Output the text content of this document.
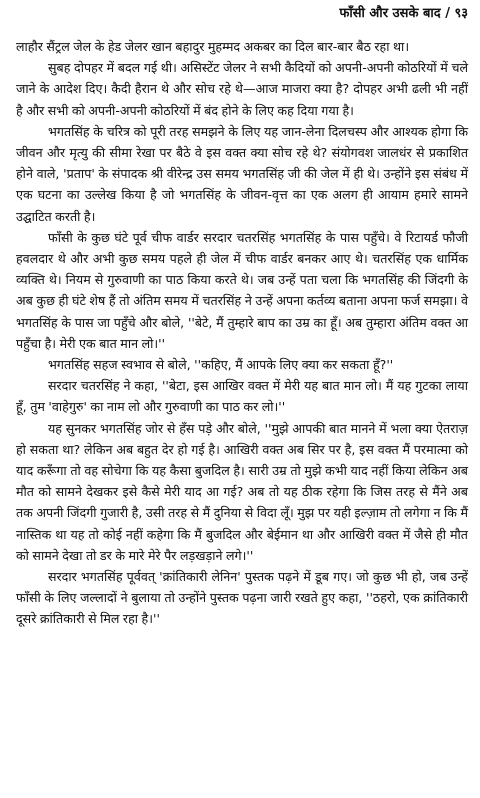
फाँसी और उसके बाद / ९३

लाहौर सैंट्रल जेल के हेड जेलर खान बहादुर मुहम्मद अकबर का दिल बार-बार बैठ रहा था।

सुबह दोपहर में बदल गई थी। असिस्टेंट जेलर ने सभी कैदियों को अपनी-अपनी कोठरियों में चले जाने के आदेश दिए। कैदी हैरान थे और सोच रहे थे—आज माजरा क्या है? दोपहर अभी ढली भी नहीं है और सभी को अपनी-अपनी कोठरियों में बंद होने के लिए कह दिया गया है।

भगतसिंह के चरित्र को पूरी तरह समझने के लिए यह जान-लेना दिलचस्प और आश्यक होगा कि जीवन और मृत्यु की सीमा रेखा पर बैठे वे इस वक्त क्या सोच रहे थे? संयोगवश जालधंर से प्रकाशित होने वाले, 'प्रताप' के संपादक श्री वीरेन्द्र उस समय भगतसिंह जी की जेल में ही थे। उन्होंने इस संबंध में एक घटना का उल्लेख किया है जो भगतसिंह के जीवन-वृत्त का एक अलग ही आयाम हमारे सामने उद्घाटित करती है।

फाँसी के कुछ घंटे पूर्व चीफ वार्डर सरदार चतरसिंह भगतसिंह के पास पहुँचे। वे रिटायर्ड फौजी हवलदार थे और अभी कुछ समय पहले ही जेल में चीफ वार्डर बनकर आए थे। चतरसिंह एक धार्मिक व्यक्ति थे। नियम से गुरुवाणी का पाठ किया करते थे। जब उन्हें पता चला कि भगतसिंह की जिंदगी के अब कुछ ही घंटे शेष हैं तो अंतिम समय में चतरसिंह ने उन्हें अपना कर्तव्य बताना अपना फर्ज समझा। वे भगतसिंह के पास जा पहुँचे और बोले, ''बेटे, मैं तुम्हारे बाप का उम्र का हूँ। अब तुम्हारा अंतिम वक्त आ पहुँचा है। मेरी एक बात मान लो।''

भगतसिंह सहज स्वभाव से बोले, ''कहिए, मैं आपके लिए क्या कर सकता हूँ?''

सरदार चतरसिंह ने कहा, ''बेटा, इस आखिर वक्त में मेरी यह बात मान लो। मैं यह गुटका लाया हूँ, तुम 'वाहेगुरु' का नाम लो और गुरुवाणी का पाठ कर लो।''

यह सुनकर भगतसिंह जोर से हँस पड़े और बोले, ''मुझे आपकी बात मानने में भला क्या ऐतराज़ हो सकता था? लेकिन अब बहुत देर हो गई है। आखिरी वक्त अब सिर पर है, इस वक्त मैं परमात्मा को याद करूँगा तो वह सोचेगा कि यह कैसा बुजदिल है। सारी उम्र तो मुझे कभी याद नहीं किया लेकिन अब मौत को सामने देखकर इसे कैसे मेरी याद आ गई? अब तो यह ठीक रहेगा कि जिस तरह से मैंने अब तक अपनी जिंदगी गुजारी है, उसी तरह से मैं दुनिया से विदा लूँ। मुझ पर यही इल्ज़ाम तो लगेगा न कि मैं नास्तिक था यह तो कोई नहीं कहेगा कि मैं बुजदिल और बेईमान था और आखिरी वक्त में जैसे ही मौत को सामने देखा तो डर के मारे मेरे पैर लड़खड़ाने लगे।''

सरदार भगतसिंह पूर्ववत् 'क्रांतिकारी लेनिन' पुस्तक पढ़ने में डूब गए। जो कुछ भी हो, जब उन्हें फाँसी के लिए जल्लादों ने बुलाया तो उन्होंने पुस्तक पढ़ना जारी रखते हुए कहा, ''ठहरो, एक क्रांतिकारी दूसरे क्रांतिकारी से मिल रहा है।''
